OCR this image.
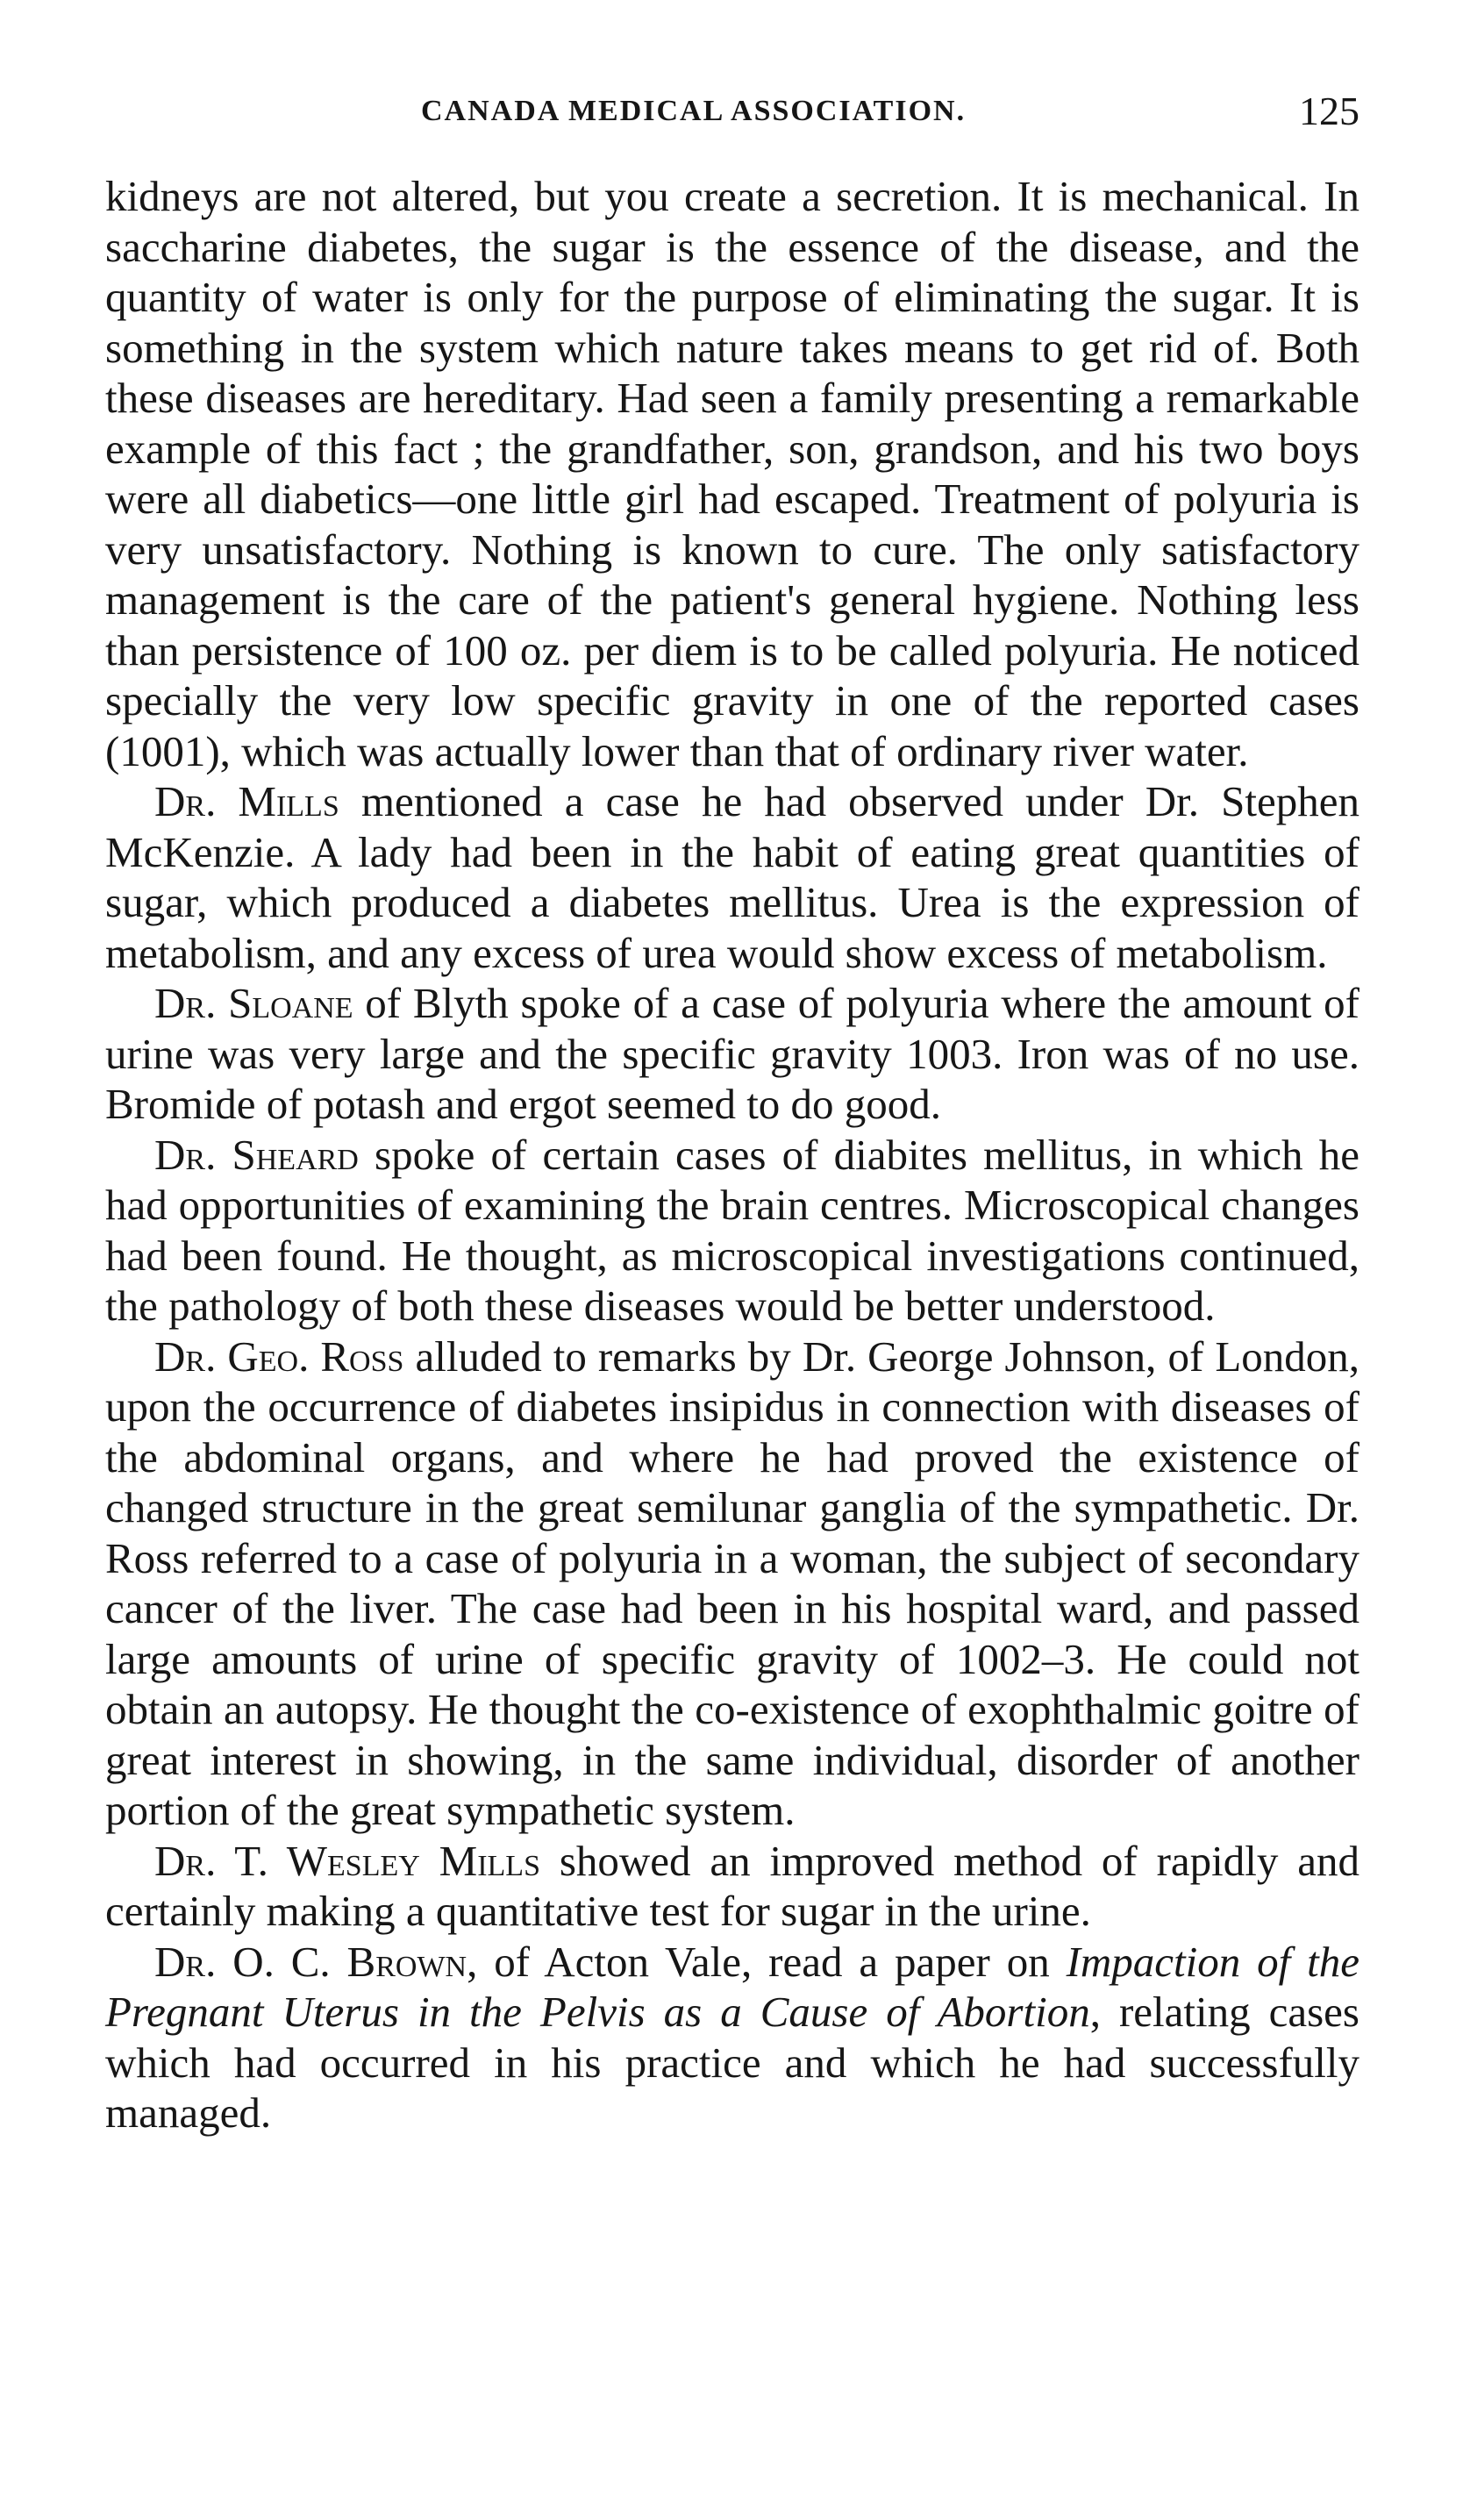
CANADA MEDICAL ASSOCIATION.	125

kidneys are not altered, but you create a secretion. It is mechanical. In saccharine diabetes, the sugar is the essence of the disease, and the quantity of water is only for the purpose of eliminating the sugar. It is something in the system which nature takes means to get rid of. Both these diseases are hereditary. Had seen a family presenting a remarkable example of this fact ; the grandfather, son, grandson, and his two boys were all diabetics—one little girl had escaped. Treatment of polyuria is very unsatisfactory. Nothing is known to cure. The only satisfactory management is the care of the patient's general hygiene. Nothing less than persistence of 100 oz. per diem is to be called polyuria. He noticed specially the very low specific gravity in one of the reported cases (1001), which was actually lower than that of ordinary river water.

Dr. Mills mentioned a case he had observed under Dr. Stephen McKenzie. A lady had been in the habit of eating great quantities of sugar, which produced a diabetes mellitus. Urea is the expression of metabolism, and any excess of urea would show excess of metabolism.

Dr. Sloane of Blyth spoke of a case of polyuria where the amount of urine was very large and the specific gravity 1003. Iron was of no use. Bromide of potash and ergot seemed to do good.

Dr. Sheard spoke of certain cases of diabites mellitus, in which he had opportunities of examining the brain centres. Microscopical changes had been found. He thought, as microscopical investigations continued, the pathology of both these diseases would be better understood.

Dr. Geo. Ross alluded to remarks by Dr. George Johnson, of London, upon the occurrence of diabetes insipidus in connection with diseases of the abdominal organs, and where he had proved the existence of changed structure in the great semilunar ganglia of the sympathetic. Dr. Ross referred to a case of polyuria in a woman, the subject of secondary cancer of the liver. The case had been in his hospital ward, and passed large amounts of urine of specific gravity of 1002–3. He could not obtain an autopsy. He thought the co-existence of exophthalmic goitre of great interest in showing, in the same individual, disorder of another portion of the great sympathetic system.

Dr. T. Wesley Mills showed an improved method of rapidly and certainly making a quantitative test for sugar in the urine.

Dr. O. C. Brown, of Acton Vale, read a paper on Impaction of the Pregnant Uterus in the Pelvis as a Cause of Abortion, relating cases which had occurred in his practice and which he had successfully managed.
